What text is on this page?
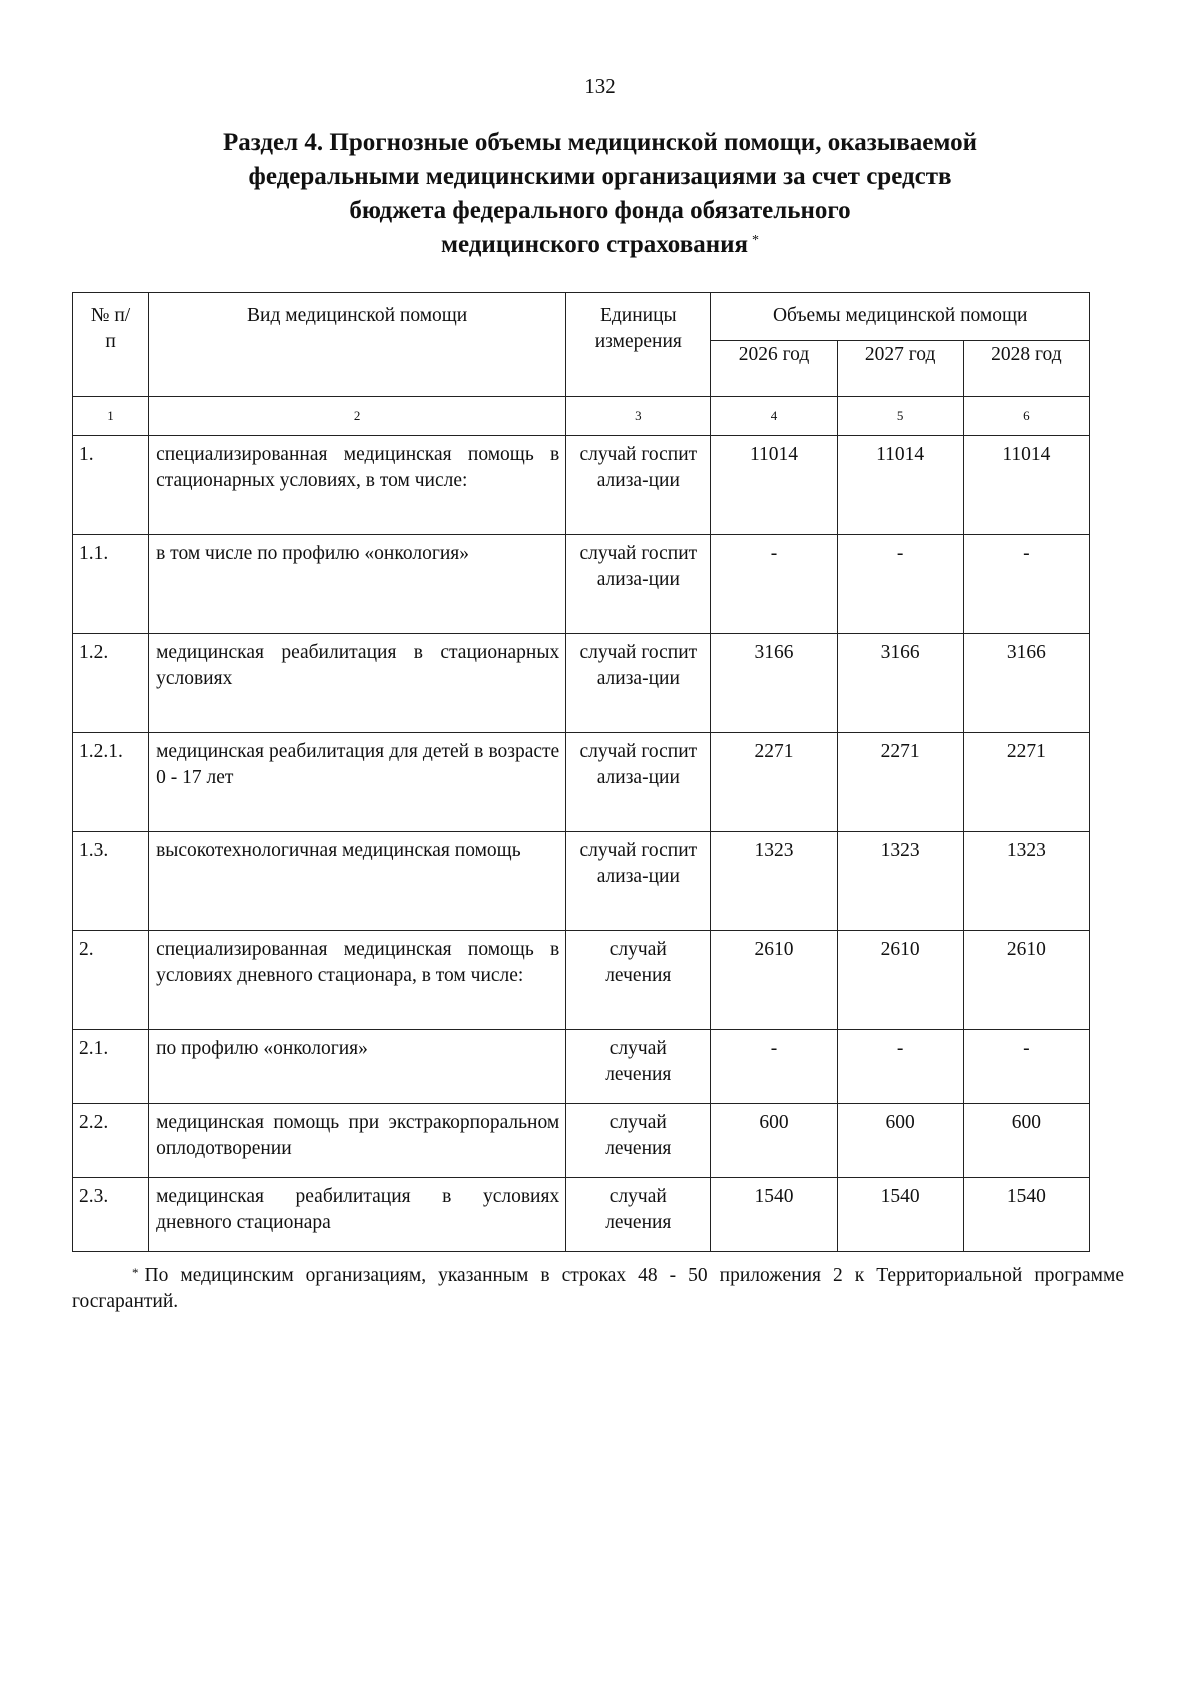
132
Раздел 4. Прогнозные объемы медицинской помощи, оказываемой
федеральными медицинскими организациями за счет средств
бюджета федерального фонда обязательного
медицинского страхования *
№ п/п	Вид медицинской помощи	Единицы измерения	Объемы медицинской помощи		
			2026 год	2027 год	2028 год
1	2	3	4	5	6
1.	специализированная медицинская помощь в стационарных условиях, в том числе:	случай госпитализа-ции	11014	11014	11014
1.1.	в том числе по профилю «онкология»	случай госпитализа-ции	-	-	-
1.2.	медицинская реабилитация в стационарных условиях	случай госпитализа-ции	3166	3166	3166
1.2.1.	медицинская реабилитация для детей в возрасте 0 - 17 лет	случай госпитализа-ции	2271	2271	2271
1.3.	высокотехнологичная медицинская помощь	случай госпитализа-ции	1323	1323	1323
2.	специализированная медицинская помощь в условиях дневного стационара, в том числе:	случай лечения	2610	2610	2610
2.1.	по профилю «онкология»	случай лечения	-	-	-
2.2.	медицинская помощь при экстракорпоральном оплодотворении	случай лечения	600	600	600
2.3.	медицинская реабилитация в условиях дневного стационара	случай лечения	1540	1540	1540
* По медицинским организациям, указанным в строках 48 - 50 приложения 2 к Территориальной программе госгарантий.
